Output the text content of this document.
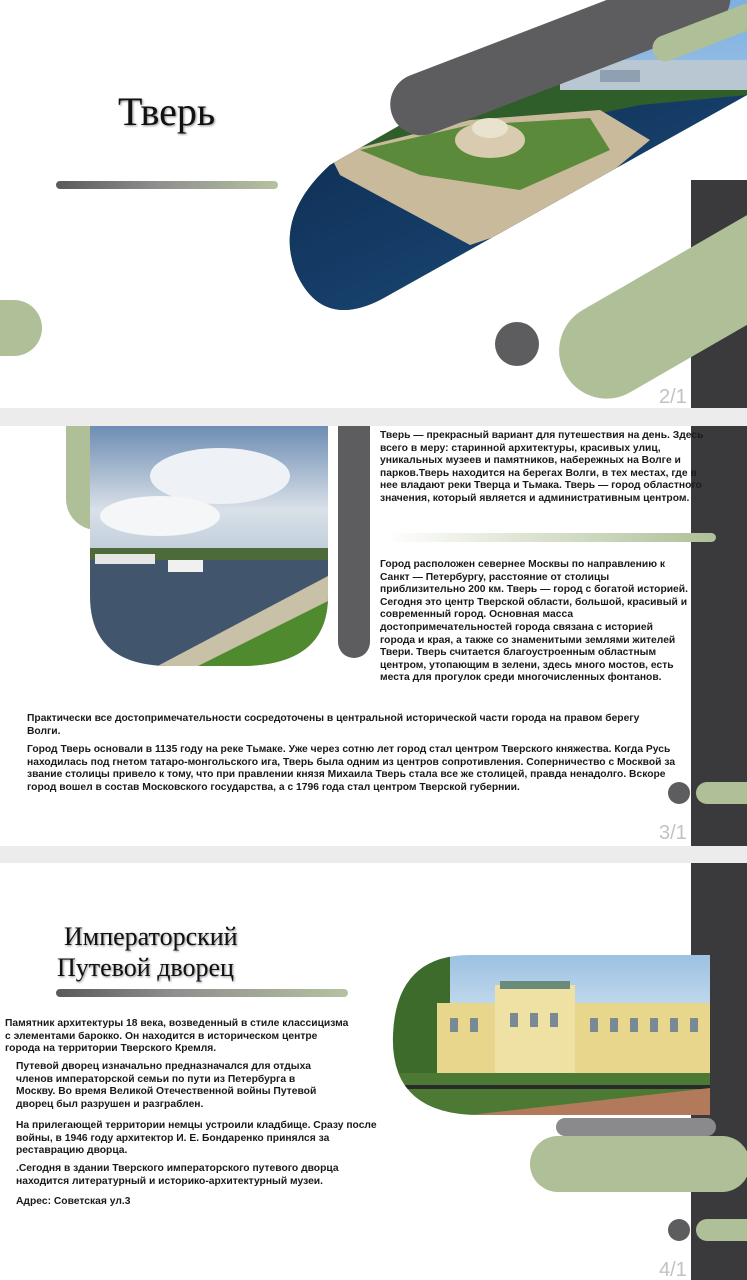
Тверь
2/1
Тверь — прекрасный вариант для путешествия на день. Здесь всего в меру: старинной архитектуры, красивых улиц, уникальных музеев и памятников, набережных на Волге и парков.Тверь находится на берегах Волги, в тех местах, где в нее владают реки Тверца и Тьмака. Тверь — город областного значения, который является и административным центром.
Город расположен севернее Москвы по направлению к Санкт — Петербургу, расстояние от столицы приблизительно 200 км. Тверь — город с богатой историей. Сегодня это центр Тверской области, большой, красивый и современный город. Основная масса достопримечательностей города связана с историей города и края, а также со знаменитыми землями жителей Твери. Тверь считается благоустроенным областным центром, утопающим в зелени, здесь много мостов, есть места для прогулок среди многочисленных фонтанов.
Практически все достопримечательности сосредоточены в центральной исторической части города на правом берегу Волги.
Город Тверь основали в 1135 году на реке Тьмаке. Уже через сотню лет город стал центром Тверского княжества. Когда Русь находилась под гнетом татаро-монгольского ига, Тверь была одним из центров сопротивления. Соперничество с Москвой за звание столицы привело к тому, что при правлении князя Михаила Тверь стала все же столицей, правда ненадолго. Вскоре город вошел в состав Московского государства, а с 1796 года стал центром Тверской губернии.
3/1
Императорский
Путевой дворец
Памятник архитектуры 18 века, возведенный в стиле классицизма с элементами барокко. Он находится в историческом центре города на территории Тверского Кремля.
Путевой дворец изначально предназначался для отдыха членов императорской семьи по пути из Петербурга в Москву. Во время Великой Отечественной войны Путевой дворец был разрушен и разграблен.
На прилегающей территории немцы устроили кладбище. Сразу после войны, в 1946 году архитектор И. Е. Бондаренко принялся за реставрацию дворца.
.Сегодня в здании Тверского императорского путевого дворца находится литературный и историко-архитектурный музеи.
Адрес: Советская ул.3
4/1
